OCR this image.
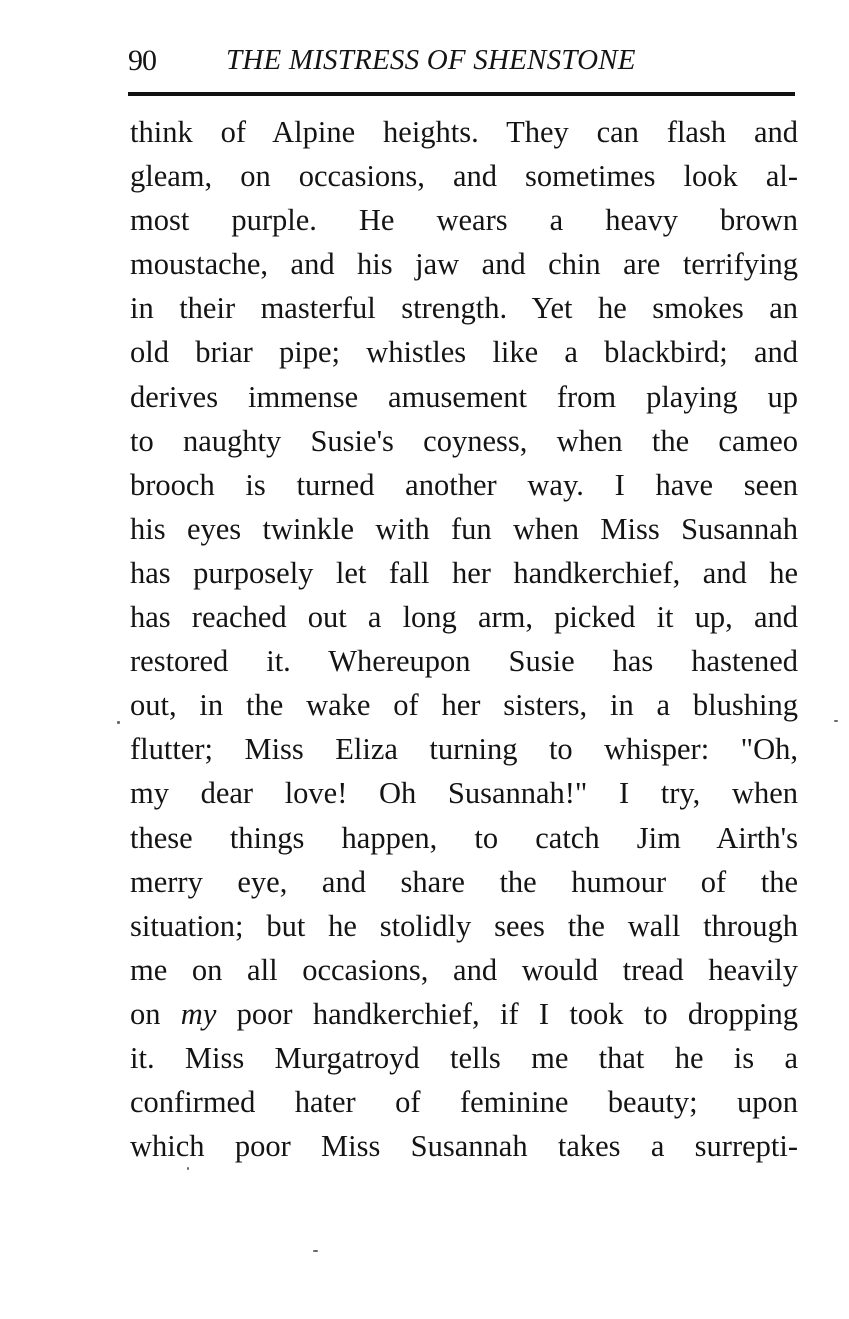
90 THE MISTRESS OF SHENSTONE
think of Alpine heights. They can flash and
gleam, on occasions, and sometimes look al-
most purple. He wears a heavy brown
moustache, and his jaw and chin are terrifying
in their masterful strength. Yet he smokes an
old briar pipe; whistles like a blackbird; and
derives immense amusement from playing up
to naughty Susie's coyness, when the cameo
brooch is turned another way. I have seen
his eyes twinkle with fun when Miss Susannah
has purposely let fall her handkerchief, and he
has reached out a long arm, picked it up, and
restored it. Whereupon Susie has hastened
out, in the wake of her sisters, in a blushing
flutter; Miss Eliza turning to whisper: "Oh,
my dear love! Oh Susannah!" I try, when
these things happen, to catch Jim Airth's
merry eye, and share the humour of the
situation; but he stolidly sees the wall through
me on all occasions, and would tread heavily
on my poor handkerchief, if I took to dropping
it. Miss Murgatroyd tells me that he is a
confirmed hater of feminine beauty; upon
which poor Miss Susannah takes a surrepti-
